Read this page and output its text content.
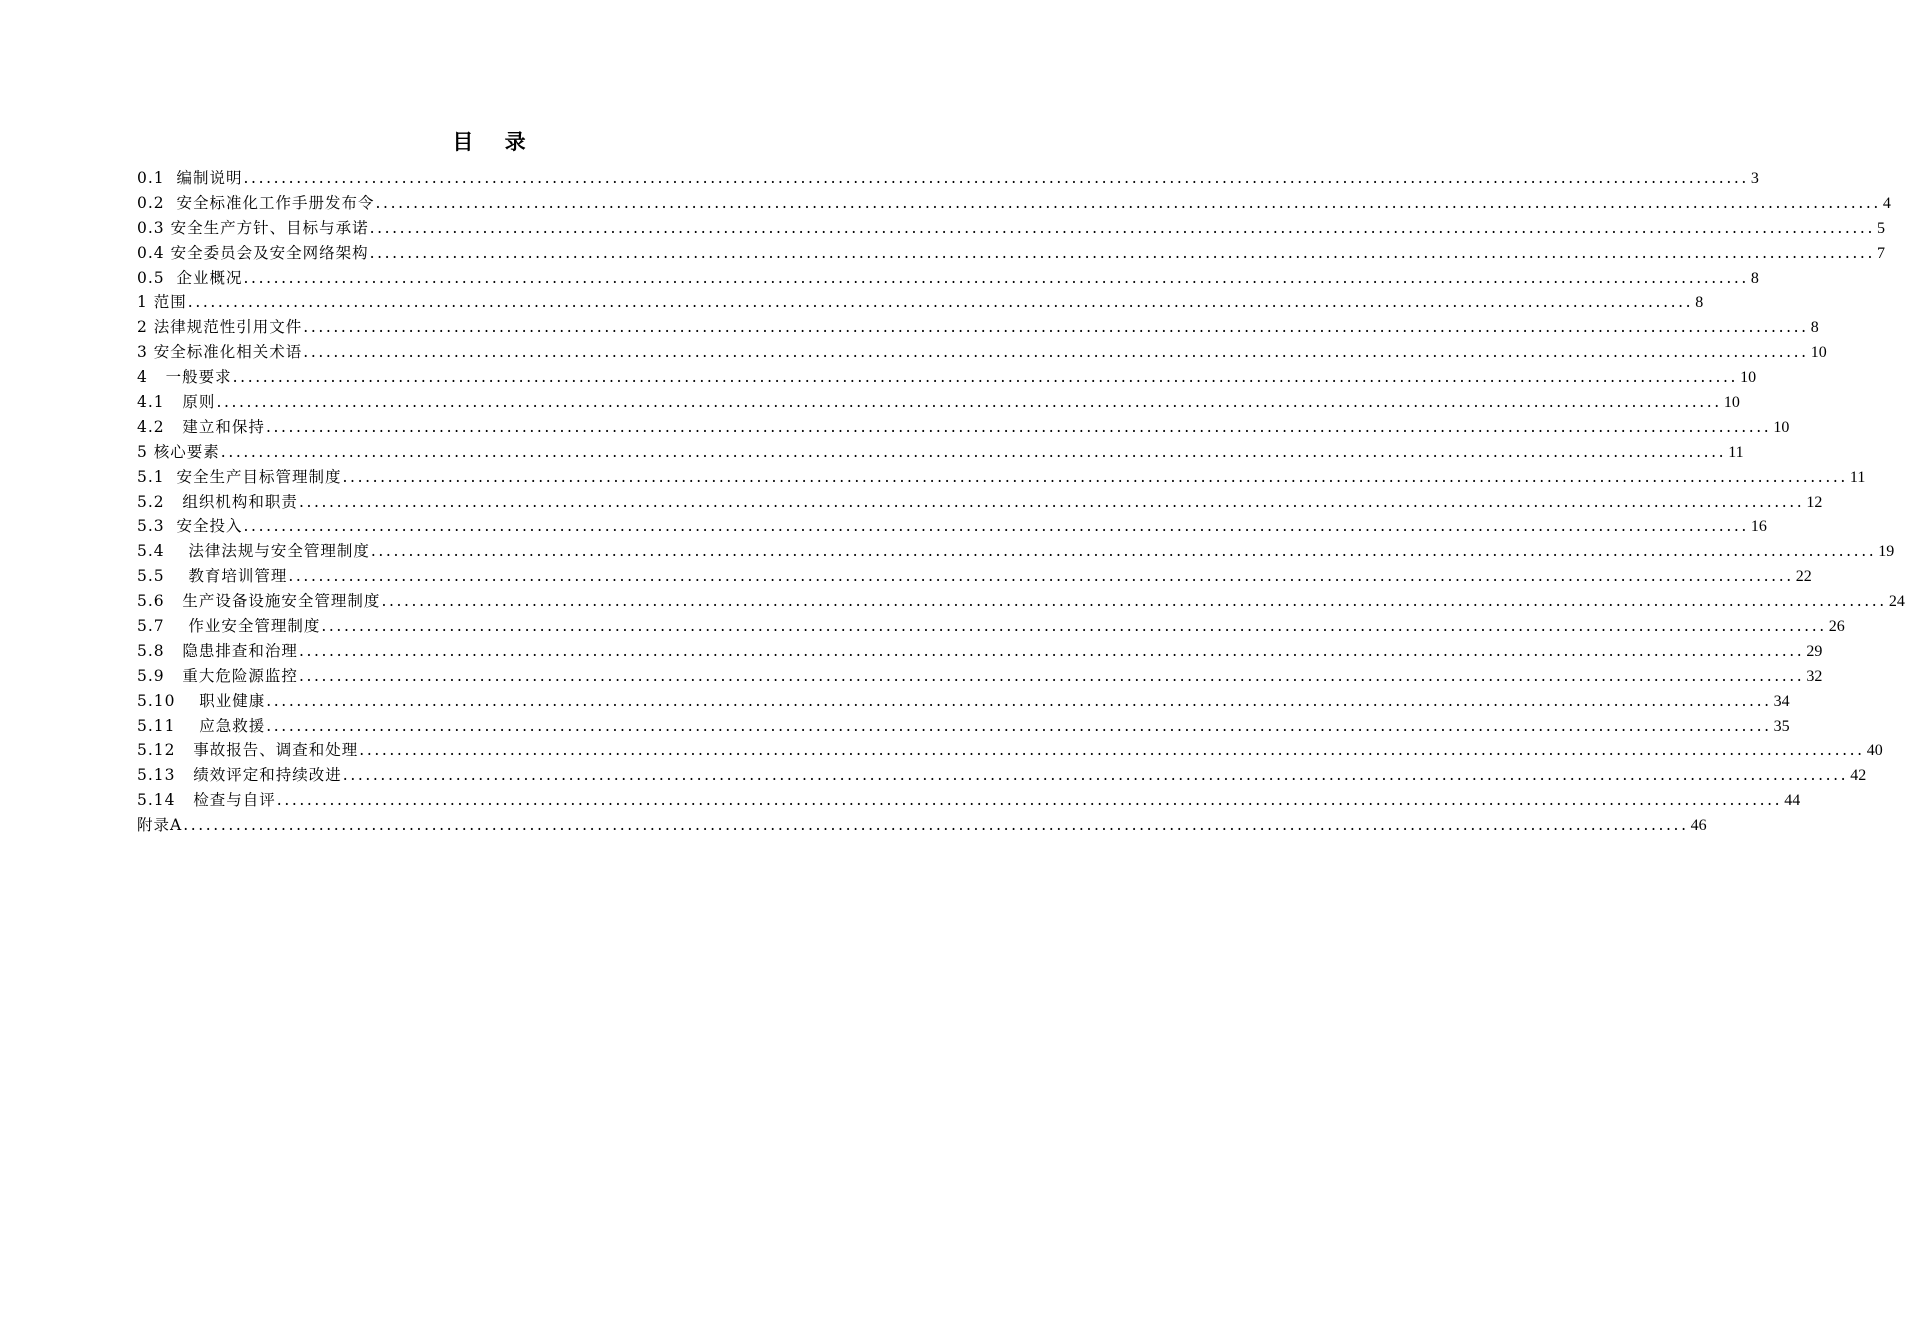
目 录
0.1  编制说明 ........................................................................................................................................................................................................ 3
0.2  安全标准化工作手册发布令 ........................................................................................................................................................................................................ 4
0.3 安全生产方针、目标与承诺 ........................................................................................................................................................................................................ 5
0.4 安全委员会及安全网络架构 ........................................................................................................................................................................................................ 7
0.5  企业概况 ........................................................................................................................................................................................................ 8
1 范围 ........................................................................................................................................................................................................ 8
2 法律规范性引用文件 ........................................................................................................................................................................................................ 8
3 安全标准化相关术语 ........................................................................................................................................................................................................ 10
4   一般要求 ........................................................................................................................................................................................................ 10
4.1   原则 ........................................................................................................................................................................................................ 10
4.2   建立和保持 ........................................................................................................................................................................................................ 10
5 核心要素 ........................................................................................................................................................................................................ 11
5.1  安全生产目标管理制度 ........................................................................................................................................................................................................ 11
5.2   组织机构和职责 ........................................................................................................................................................................................................ 12
5.3  安全投入 ........................................................................................................................................................................................................ 16
5.4    法律法规与安全管理制度 ........................................................................................................................................................................................................ 19
5.5    教育培训管理 ........................................................................................................................................................................................................ 22
5.6   生产设备设施安全管理制度 ........................................................................................................................................................................................................ 24
5.7    作业安全管理制度 ........................................................................................................................................................................................................ 26
5.8   隐患排查和治理 ........................................................................................................................................................................................................ 29
5.9   重大危险源监控 ........................................................................................................................................................................................................ 32
5.10    职业健康 ........................................................................................................................................................................................................ 34
5.11    应急救援 ........................................................................................................................................................................................................ 35
5.12   事故报告、调查和处理 ........................................................................................................................................................................................................ 40
5.13   绩效评定和持续改进 ........................................................................................................................................................................................................ 42
5.14   检查与自评 ........................................................................................................................................................................................................ 44
附录A ........................................................................................................................................................................................................ 46
